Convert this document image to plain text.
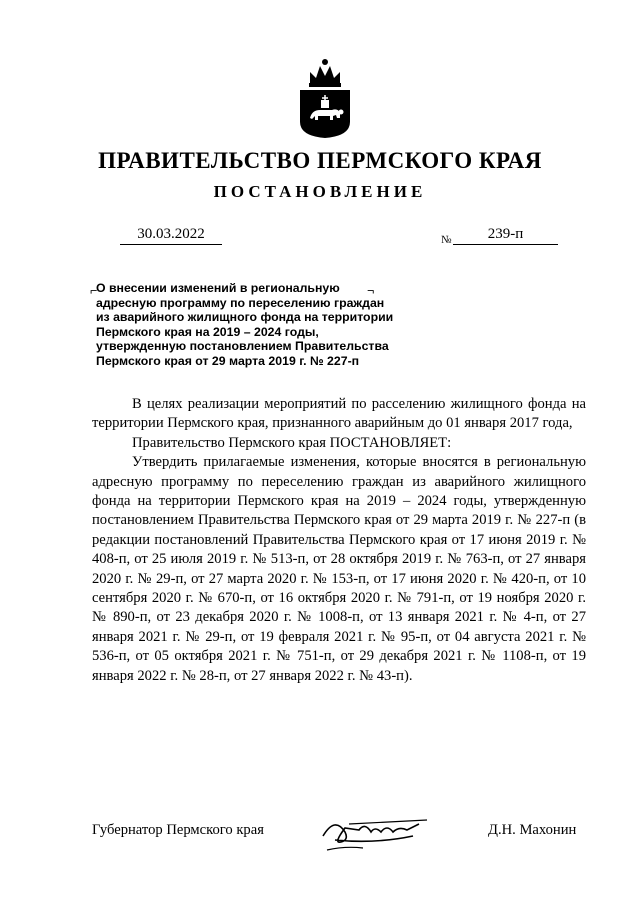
ПРАВИТЕЛЬСТВО ПЕРМСКОГО КРАЯ
ПОСТАНОВЛЕНИЕ
30.03.2022	№	239-п
⌐	¬
О внесении изменений в региональную
адресную программу по переселению граждан
из аварийного жилищного фонда на территории
Пермского края на 2019 – 2024 годы,
утвержденную постановлением Правительства
Пермского края от 29 марта 2019 г. № 227-п

В целях реализации мероприятий по расселению жилищного фонда на территории Пермского края, признанного аварийным до 01 января 2017 года,

Правительство Пермского края ПОСТАНОВЛЯЕТ:

Утвердить прилагаемые изменения, которые вносятся в региональную адресную программу по переселению граждан из аварийного жилищного фонда на территории Пермского края на 2019 – 2024 годы, утвержденную постановлением Правительства Пермского края от 29 марта 2019 г. № 227-п (в редакции постановлений Правительства Пермского края от 17 июня 2019 г. № 408-п, от 25 июля 2019 г. № 513-п, от 28 октября 2019 г. № 763-п, от 27 января 2020 г. № 29-п, от 27 марта 2020 г. № 153-п, от 17 июня 2020 г. № 420-п, от 10 сентября 2020 г. № 670-п, от 16 октября 2020 г. № 791-п, от 19 ноября 2020 г. № 890-п, от 23 декабря 2020 г. № 1008-п, от 13 января 2021 г. № 4-п, от 27 января 2021 г. № 29-п, от 19 февраля 2021 г. № 95-п, от 04 августа 2021 г. № 536-п, от 05 октября 2021 г. № 751-п, от 29 декабря 2021 г. № 1108-п, от 19 января 2022 г. № 28-п, от 27 января 2022 г. № 43-п).

Губернатор Пермского края	Д.Н. Махонин
